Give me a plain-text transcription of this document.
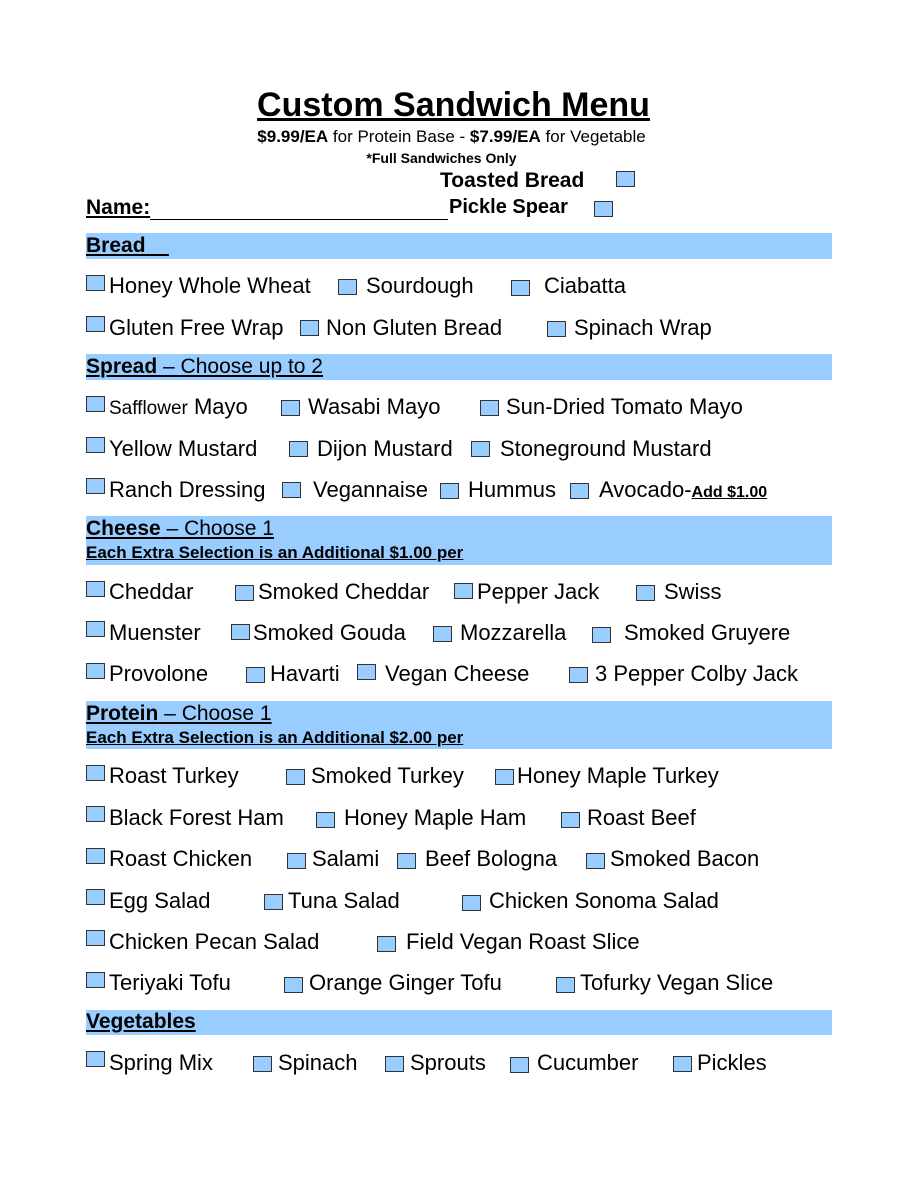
Custom Sandwich Menu
$9.99/EA for Protein Base - $7.99/EA for Vegetable
*Full Sandwiches Only
Toasted Bread
Name:	Pickle Spear
Bread
Honey Whole Wheat	Sourdough	Ciabatta
Gluten Free Wrap Non Gluten Bread	Spinach Wrap
Spread – Choose up to 2
Safflower Mayo	Wasabi Mayo	Sun-Dried Tomato Mayo
Yellow Mustard	Dijon Mustard Stoneground Mustard
Ranch Dressing Vegannaise Hummus Avocado-Add $1.00
Cheese – Choose 1
Each Extra Selection is an Additional $1.00 per
Cheddar	Smoked Cheddar Pepper Jack	Swiss
Muenster Smoked Gouda Mozzarella	Smoked Gruyere
Provolone	Havarti Vegan Cheese	3 Pepper Colby Jack
Protein – Choose 1
Each Extra Selection is an Additional $2.00 per
Roast Turkey	Smoked Turkey Honey Maple Turkey
Black Forest Ham	Honey Maple Ham	Roast Beef
Roast Chicken	Salami Beef Bologna Smoked Bacon
Egg Salad	Tuna Salad	Chicken Sonoma Salad
Chicken Pecan Salad	Field Vegan Roast Slice
Teriyaki Tofu	Orange Ginger Tofu	Tofurky Vegan Slice
Vegetables
Spring Mix	Spinach Sprouts Cucumber	Pickles
